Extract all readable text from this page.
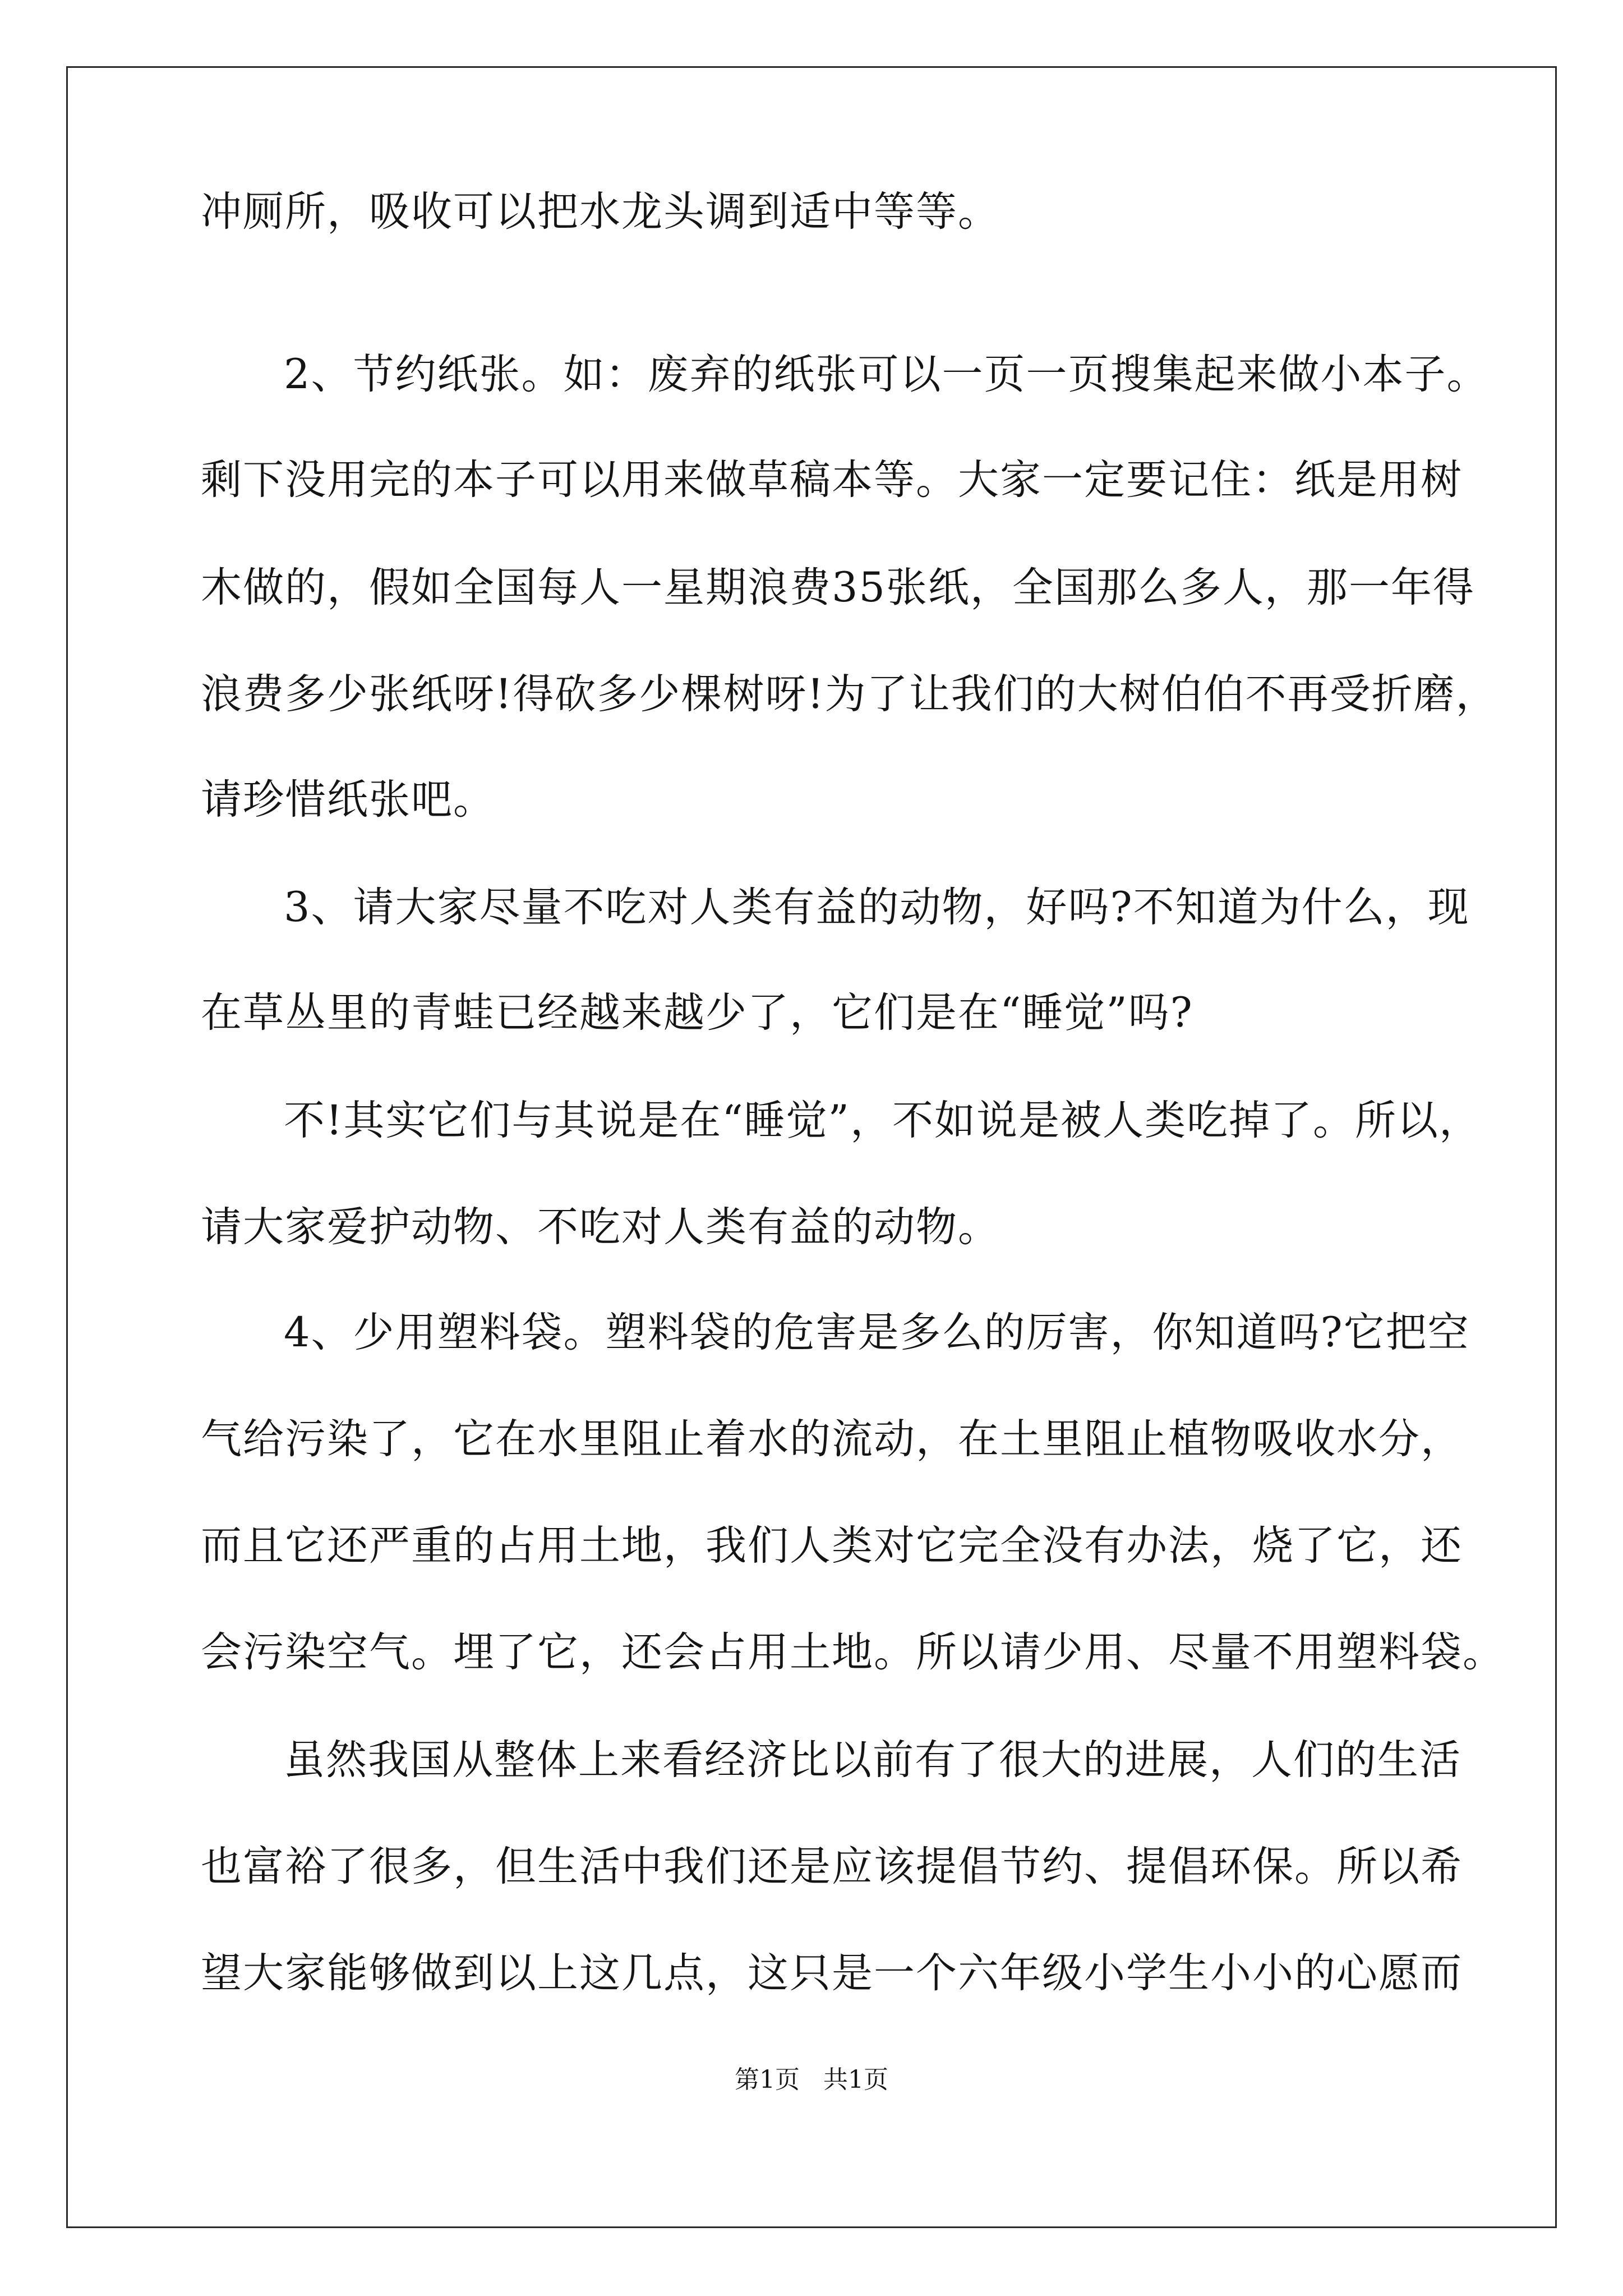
冲厕所，吸收可以把水龙头调到适中等等。
2、节约纸张。如：废弃的纸张可以一页一页搜集起来做小本子。
剩下没用完的本子可以用来做草稿本等。大家一定要记住：纸是用树
木做的，假如全国每人一星期浪费35张纸，全国那么多人，那一年得
浪费多少张纸呀!得砍多少棵树呀!为了让我们的大树伯伯不再受折磨，
请珍惜纸张吧。
3、请大家尽量不吃对人类有益的动物，好吗?不知道为什么，现
在草丛里的青蛙已经越来越少了，它们是在“睡觉”吗?
不!其实它们与其说是在“睡觉”，不如说是被人类吃掉了。所以，
请大家爱护动物、不吃对人类有益的动物。
4、少用塑料袋。塑料袋的危害是多么的厉害，你知道吗?它把空
气给污染了，它在水里阻止着水的流动，在土里阻止植物吸收水分，
而且它还严重的占用土地，我们人类对它完全没有办法，烧了它，还
会污染空气。埋了它，还会占用土地。所以请少用、尽量不用塑料袋。
虽然我国从整体上来看经济比以前有了很大的进展，人们的生活
也富裕了很多，但生活中我们还是应该提倡节约、提倡环保。所以希
望大家能够做到以上这几点，这只是一个六年级小学生小小的心愿而
第1页   共1页
